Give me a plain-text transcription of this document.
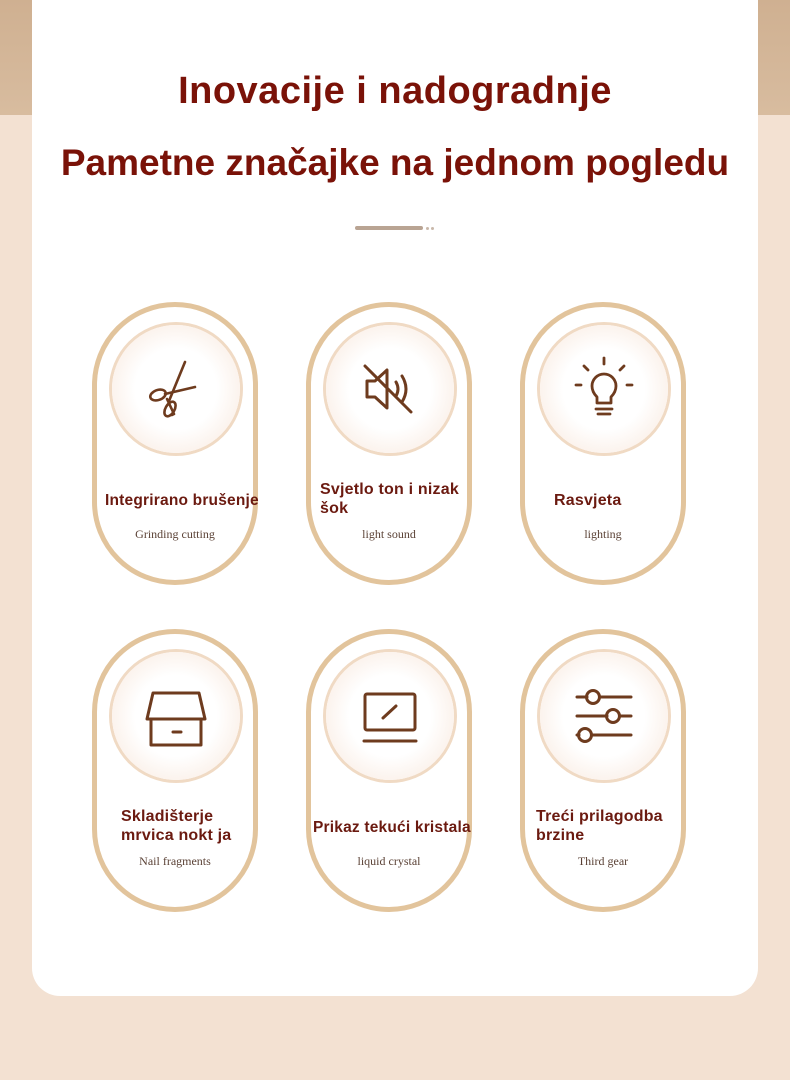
Inovacije i nadogradnje
Pametne značajke na jednom pogledu
Integrirano brušenje
Grinding cutting
Svjetlo ton i nizak šok
light sound
Rasvjeta
lighting
Skladišterje mrvica nokt ja
Nail fragments
Prikaz tekući kristala
liquid crystal
Treći prilagodba brzine
Third gear
